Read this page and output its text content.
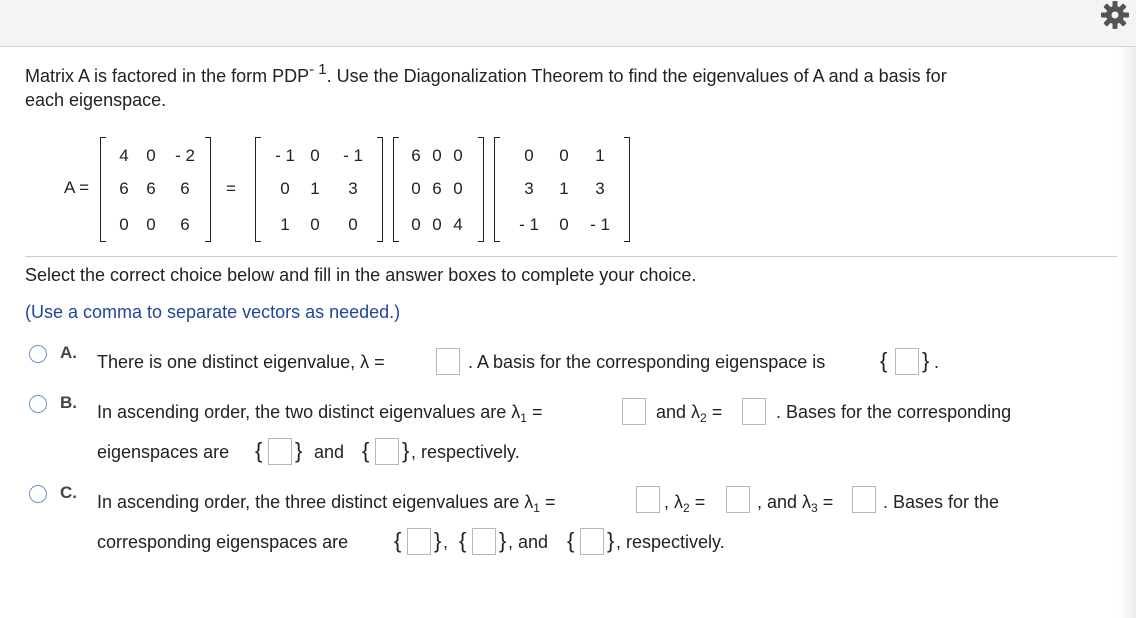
Matrix A is factored in the form $PDP^{- 1}$. Use the Diagonalization Theorem to find the eigenvalues of A and a basis for
each eigenspace.
A =
4	0	- 2
6	6	6
0	0	6
=
- 1 0	- 1
0	1	3
1	0	0
6 0 0
0 6 0
0 0 4
0	0	1
3	1	3
- 1	0	- 1
Select the correct choice below and fill in the answer boxes to complete your choice.
(Use a comma to separate vectors as needed.)
A. There is one distinct eigenvalue, λ =	. A basis for the corresponding eigenspace is { } .
B. In ascending order, the two distinct eigenvalues are $\lambda_1$ =	and $\lambda_2$ =	. Bases for the corresponding
eigenspaces are { } and { } , respectively.
C. In ascending order, the three distinct eigenvalues are $\lambda_1$ =	, $\lambda_2$ =	, and $\lambda_3$ =	. Bases for the
corresponding eigenspaces are { } , { } , and { } , respectively.
